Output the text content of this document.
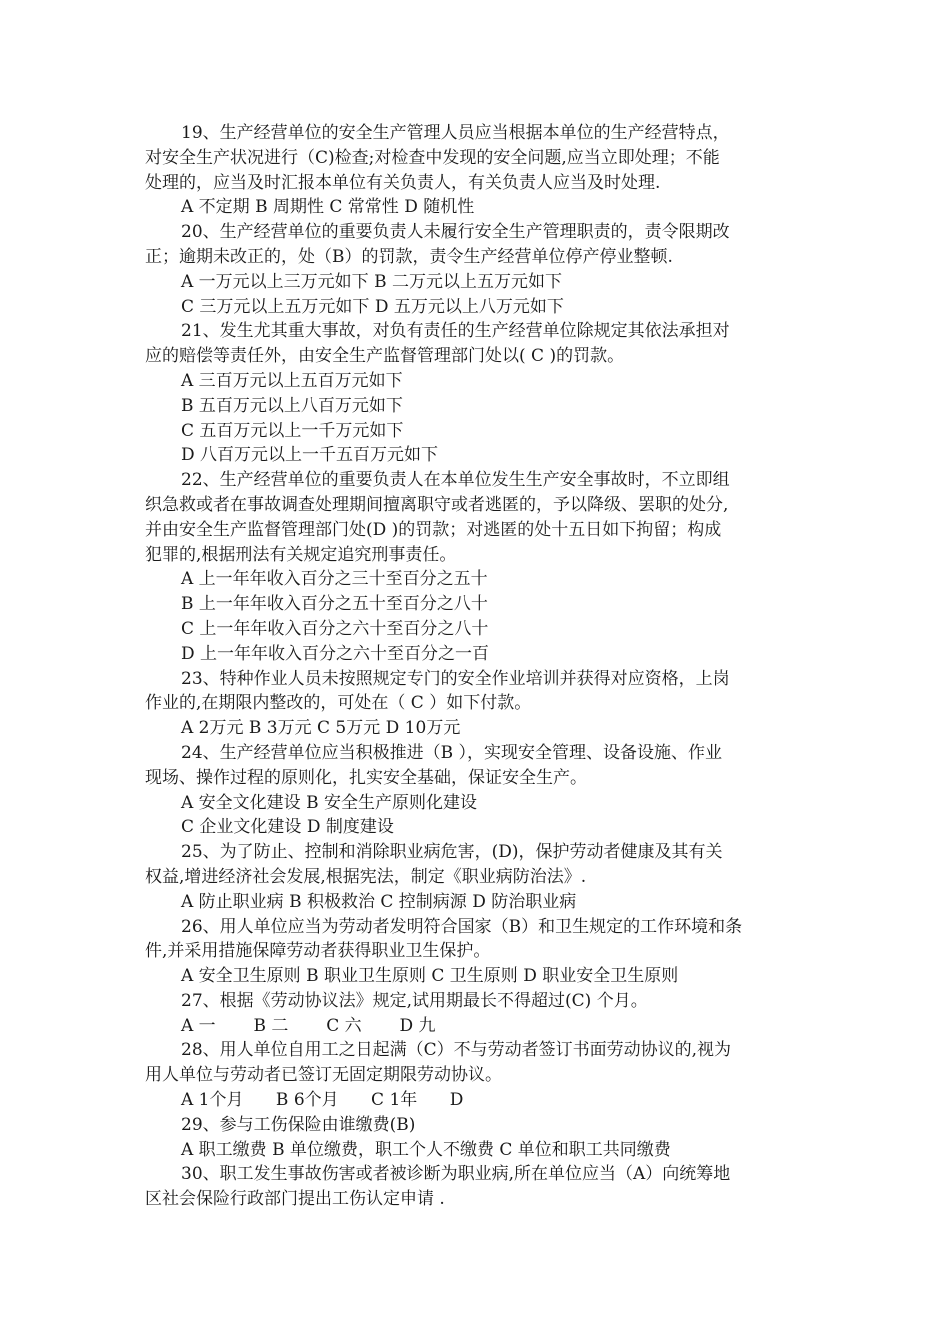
19、生产经营单位的安全生产管理人员应当根据本单位的生产经营特点，
对安全生产状况进行（C)检查;对检查中发现的安全问题,应当立即处理；不能
处理的，应当及时汇报本单位有关负责人，有关负责人应当及时处理.
A 不定期 B 周期性 C 常常性 D 随机性
20、生产经营单位的重要负责人未履行安全生产管理职责的，责令限期改
正；逾期未改正的，处（B）的罚款，责令生产经营单位停产停业整顿.
A 一万元以上三万元如下 B 二万元以上五万元如下
C 三万元以上五万元如下 D 五万元以上八万元如下
21、发生尤其重大事故，对负有责任的生产经营单位除规定其依法承担对
应的赔偿等责任外，由安全生产监督管理部门处以( C )的罚款。
A 三百万元以上五百万元如下
B 五百万元以上八百万元如下
C 五百万元以上一千万元如下
D 八百万元以上一千五百万元如下
22、生产经营单位的重要负责人在本单位发生生产安全事故时，不立即组
织急救或者在事故调查处理期间擅离职守或者逃匿的，予以降级、罢职的处分,
并由安全生产监督管理部门处(D )的罚款；对逃匿的处十五日如下拘留；构成
犯罪的,根据刑法有关规定追究刑事责任。
A 上一年年收入百分之三十至百分之五十
B 上一年年收入百分之五十至百分之八十
C 上一年年收入百分之六十至百分之八十
D 上一年年收入百分之六十至百分之一百
23、特种作业人员未按照规定专门的安全作业培训并获得对应资格，上岗
作业的,在期限内整改的，可处在（ C ）如下付款。
A 2万元 B 3万元 C 5万元 D 10万元
24、生产经营单位应当积极推进（B ），实现安全管理、设备设施、作业
现场、操作过程的原则化，扎实安全基础，保证安全生产。
A 安全文化建设 B 安全生产原则化建设
C 企业文化建设 D 制度建设
25、为了防止、控制和消除职业病危害，(D)，保护劳动者健康及其有关
权益,增进经济社会发展,根据宪法，制定《职业病防治法》.
A 防止职业病 B 积极救治 C 控制病源 D 防治职业病
26、用人单位应当为劳动者发明符合国家（B）和卫生规定的工作环境和条
件,并采用措施保障劳动者获得职业卫生保护。
A 安全卫生原则 B 职业卫生原则 C 卫生原则 D 职业安全卫生原则
27、根据《劳动协议法》规定,试用期最长不得超过(C) 个月。
A 一       B 二       C 六       D 九
28、用人单位自用工之日起满（C）不与劳动者签订书面劳动协议的,视为
用人单位与劳动者已签订无固定期限劳动协议。
A 1个月      B 6个月      C 1年      D
29、参与工伤保险由谁缴费(B)
A 职工缴费 B 单位缴费，职工个人不缴费 C 单位和职工共同缴费
30、职工发生事故伤害或者被诊断为职业病,所在单位应当（A）向统筹地
区社会保险行政部门提出工伤认定申请 .
